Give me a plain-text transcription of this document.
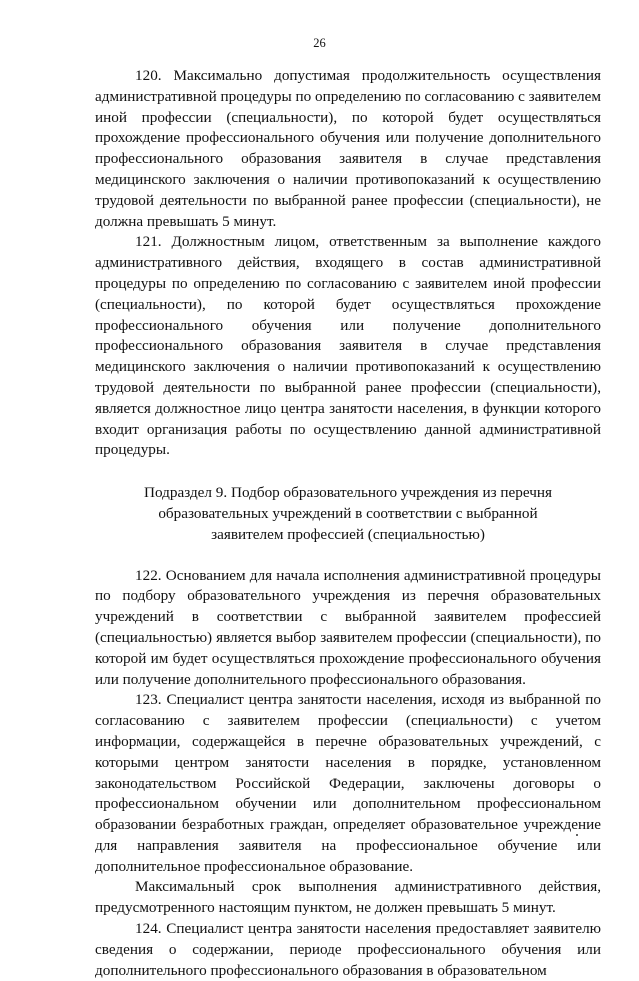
26

120. Максимально допустимая продолжительность осуществления административной процедуры по определению по согласованию с заявителем иной профессии (специальности), по которой будет осуществляться прохождение профессионального обучения или получение дополнительного профессионального образования заявителя в случае представления медицинского заключения о наличии противопоказаний к осуществлению трудовой деятельности по выбранной ранее профессии (специальности), не должна превышать 5 минут.

121. Должностным лицом, ответственным за выполнение каждого административного действия, входящего в состав административной процедуры по определению по согласованию с заявителем иной профессии (специальности), по которой будет осуществляться прохождение профессионального обучения или получение дополнительного профессионального образования заявителя в случае представления медицинского заключения о наличии противопоказаний к осуществлению трудовой деятельности по выбранной ранее профессии (специальности), является должностное лицо центра занятости населения, в функции которого входит организация работы по осуществлению данной административной процедуры.

Подраздел 9. Подбор образовательного учреждения из перечня
образовательных учреждений в соответствии с выбранной
заявителем профессией (специальностью)

122. Основанием для начала исполнения административной процедуры по подбору образовательного учреждения из перечня образовательных учреждений в соответствии с выбранной заявителем профессией (специальностью) является выбор заявителем профессии (специальности), по которой им будет осуществляться прохождение профессионального обучения или получение дополнительного профессионального образования.

123. Специалист центра занятости населения, исходя из выбранной по согласованию с заявителем профессии (специальности) с учетом информации, содержащейся в перечне образовательных учреждений, с которыми центром занятости населения в порядке, установленном законодательством Российской Федерации, заключены договоры о профессиональном обучении или дополнительном профессиональном образовании безработных граждан, определяет образовательное учреждение для направления заявителя на профессиональное обучение или дополнительное профессиональное образование.

Максимальный срок выполнения административного действия, предусмотренного настоящим пунктом, не должен превышать 5 минут.

124. Специалист центра занятости населения предоставляет заявителю сведения о содержании, периоде профессионального обучения или дополнительного профессионального образования в образовательном
